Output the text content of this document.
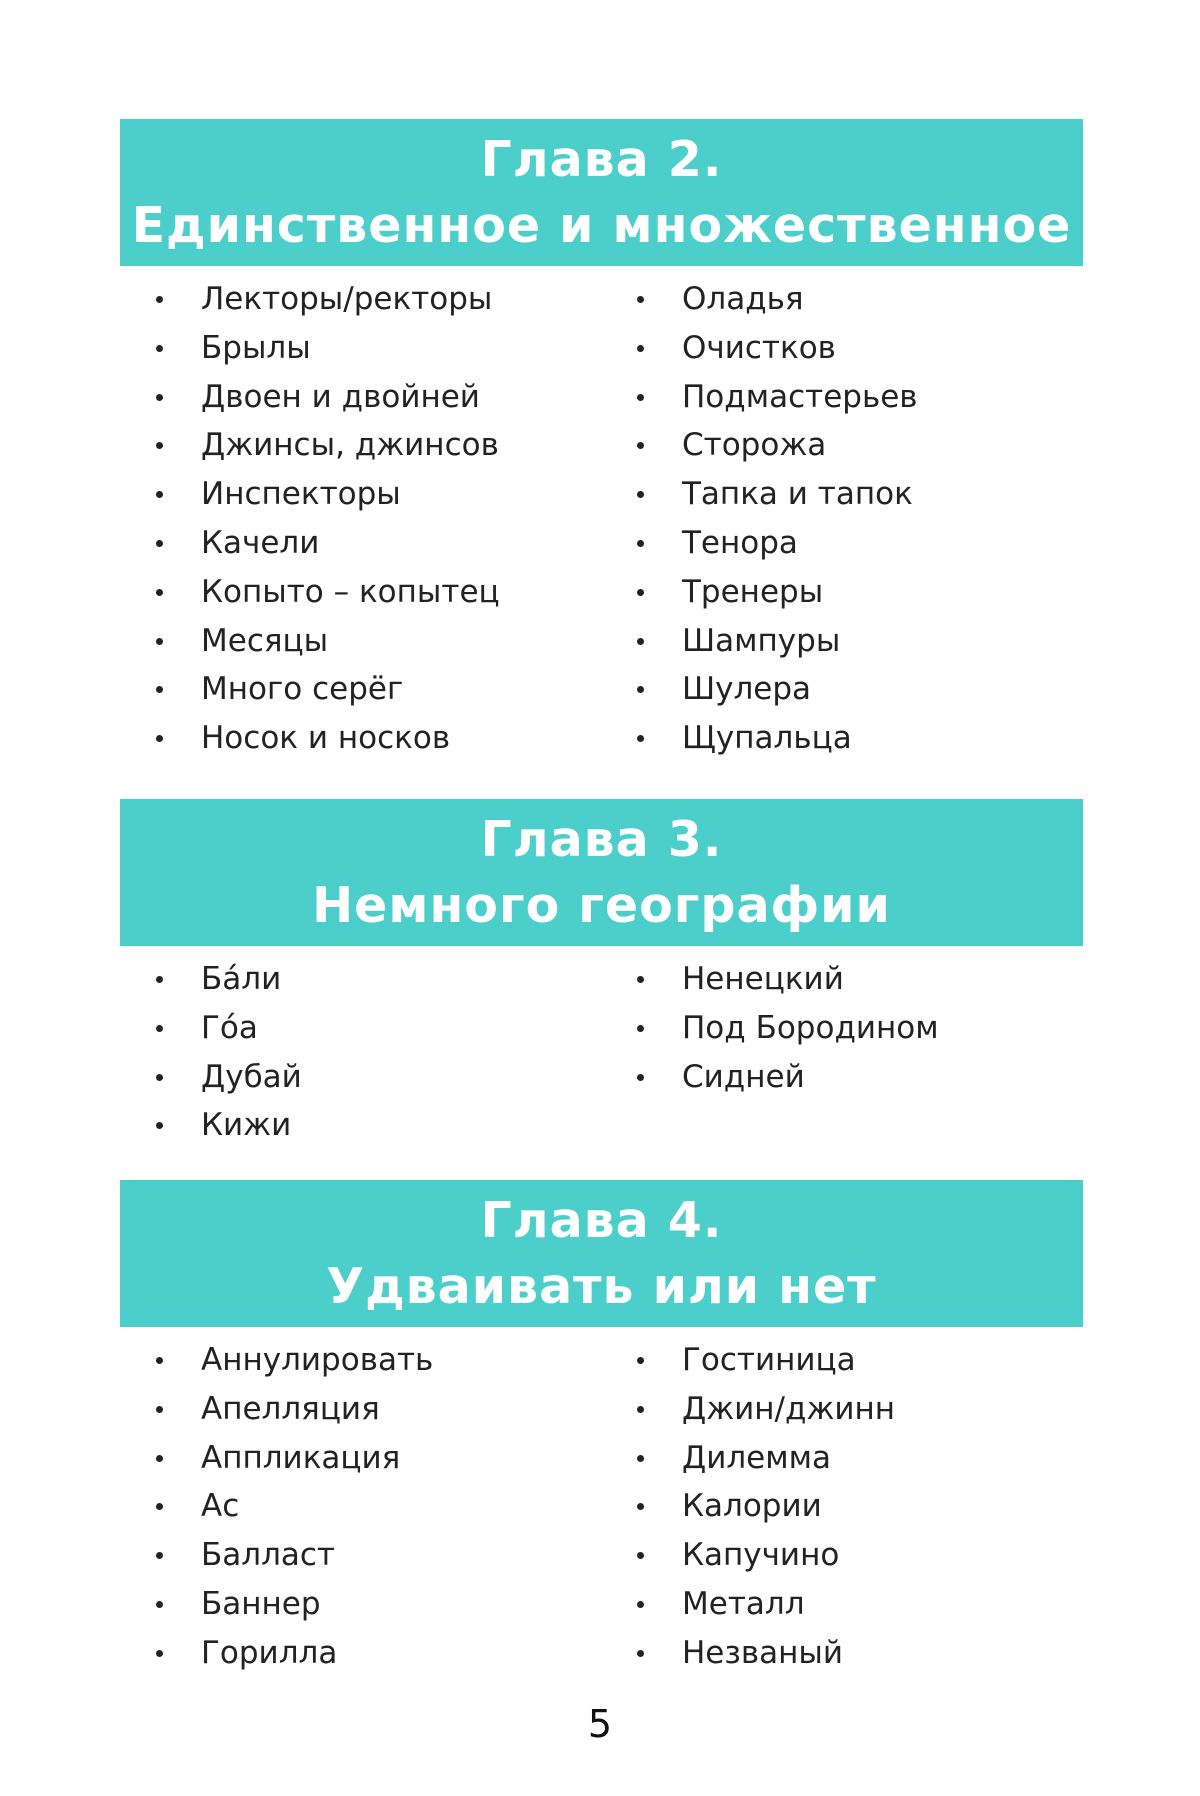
Глава 2.
Единственное и множественное
Лекторы/ректоры
Брылы
Двоен и двойней
Джинсы, джинсов
Инспекторы
Качели
Копыто – копытец
Месяцы
Много серёг
Носок и носков
Оладья
Очистков
Подмастерьев
Сторожа
Тапка и тапок
Тенора
Тренеры
Шампуры
Шулера
Щупальца
Глава 3.
Немного географии
Ба́ли
Го́а
Дубай
Кижи
Ненецкий
Под Бородином
Сидней
Глава 4.
Удваивать или нет
Аннулировать
Апелляция
Аппликация
Ас
Балласт
Баннер
Горилла
Гостиница
Джин/джинн
Дилемма
Калории
Капучино
Металл
Незваный
5
